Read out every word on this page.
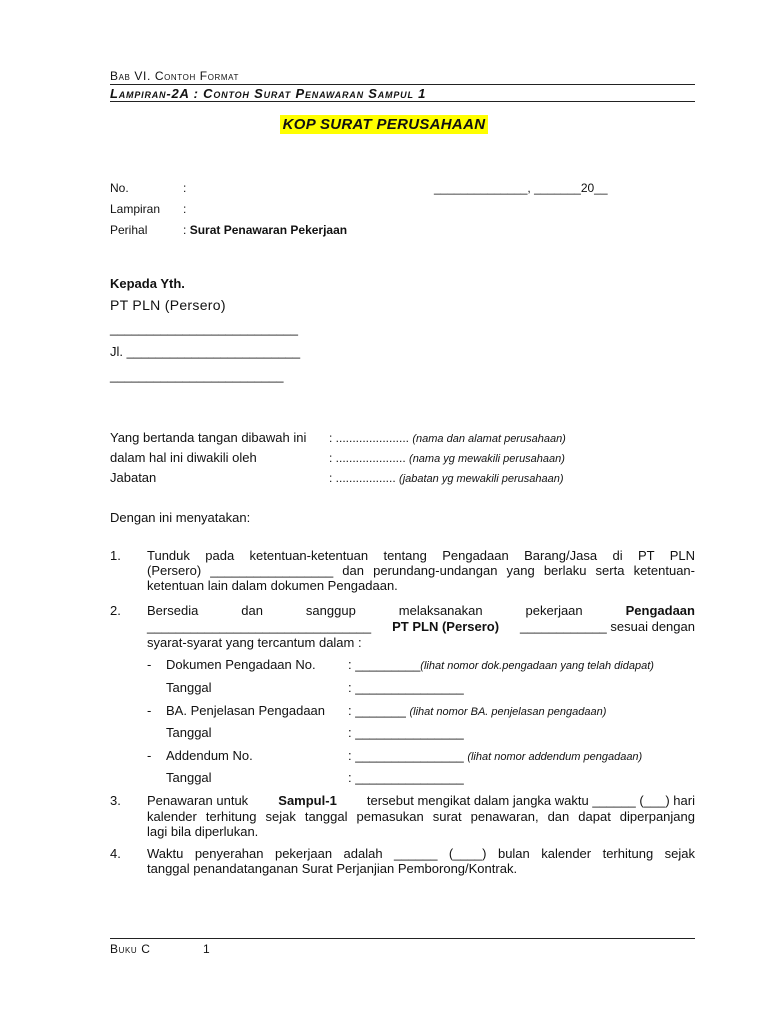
Bab VI. Contoh Format
Lampiran-2A : Contoh Surat Penawaran Sampul 1
KOP SURAT PERUSAHAAN
No.	:	______________, _______20__
Lampiran :
Perihal	: Surat Penawaran Pekerjaan
Kepada Yth.
PT PLN (Persero)
__________________________
Jl. ________________________
________________________
Yang bertanda tangan dibawah ini : ...................... (nama dan alamat perusahaan)
dalam hal ini diwakili oleh	: ..................... (nama yg mewakili perusahaan)
Jabatan	: .................. (jabatan yg mewakili perusahaan)
Dengan ini menyatakan:
1. Tunduk pada ketentuan-ketentuan tentang Pengadaan Barang/Jasa di PT PLN
(Persero) _________________ dan perundang-undangan yang berlaku serta ketentuan-
ketentuan lain dalam dokumen Pengadaan.
2. Bersedia	dan	sanggup	melaksanakan	pekerjaan	Pengadaan
_______________________________ PT PLN (Persero) ____________ sesuai dengan
syarat-syarat yang tercantum dalam :
- Dokumen Pengadaan No. : _________(lihat nomor dok.pengadaan yang telah didapat)
Tanggal	: _______________
- BA. Penjelasan Pengadaan : _______ (lihat nomor BA. penjelasan pengadaan)
Tanggal	: _______________
- Addendum No.	: _______________ (lihat nomor addendum pengadaan)
Tanggal	: _______________
3. Penawaran untuk Sampul-1 tersebut mengikat dalam jangka waktu ______ (___) hari
kalender terhitung sejak tanggal pemasukan surat penawaran, dan dapat diperpanjang
lagi bila diperlukan.
4. Waktu penyerahan pekerjaan adalah ______ (____) bulan kalender terhitung sejak
tanggal penandatanganan Surat Perjanjian Pemborong/Kontrak.
Buku C	1
